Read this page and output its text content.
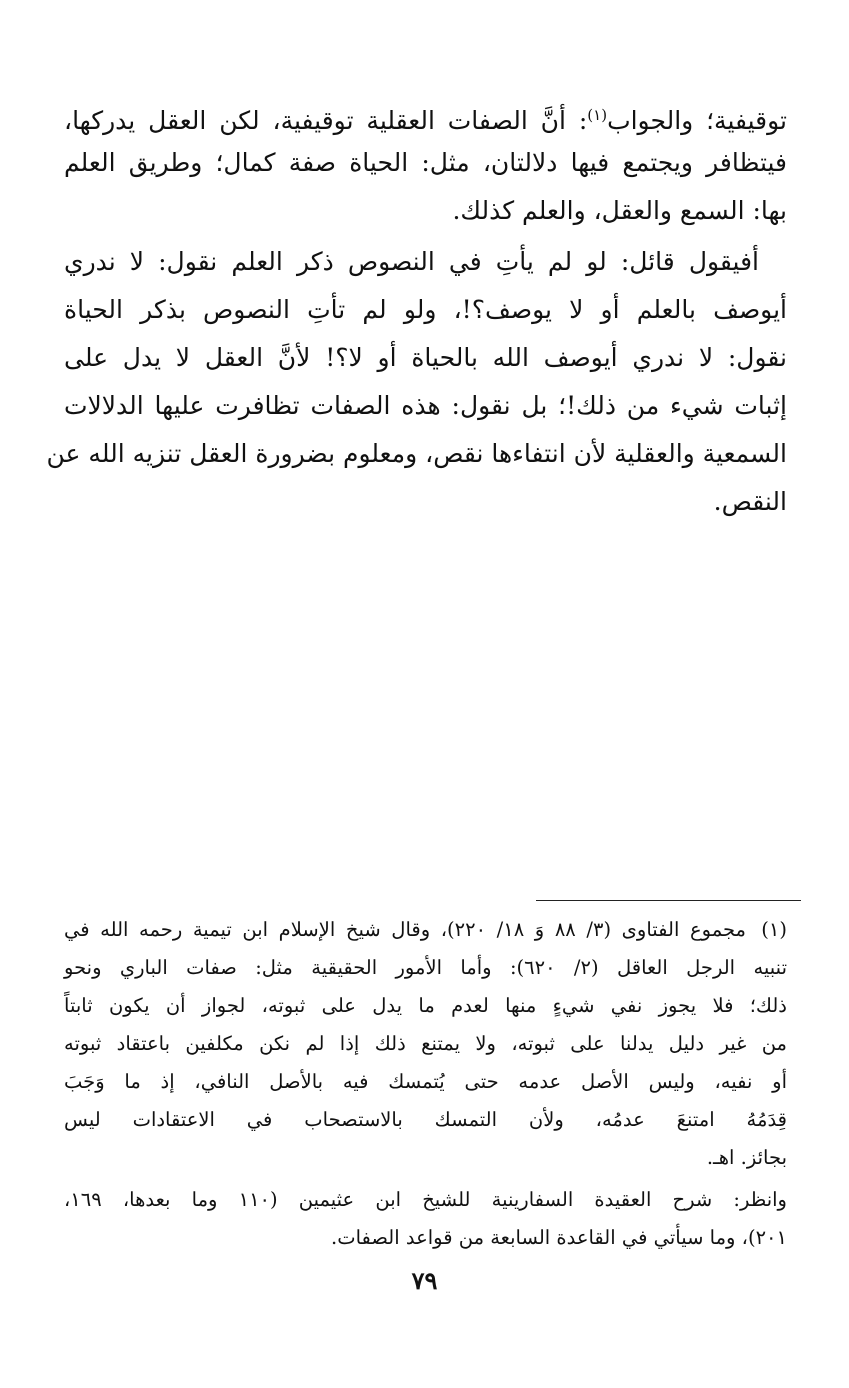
توقيفية؛ والجواب$^{(١)}$: أنَّ الصفات العقلية توقيفية، لكن العقل يدركها،
فيتظافر ويجتمع فيها دلالتان، مثل: الحياة صفة كمال؛ وطريق العلم
بها: السمع والعقل، والعلم كذلك.
أفيقول قائل: لو لم يأتِ في النصوص ذكر العلم نقول: لا ندري
أيوصف بالعلم أو لا يوصف؟!، ولو لم تأتِ النصوص بذكر الحياة
نقول: لا ندري أيوصف الله بالحياة أو لا؟! لأنَّ العقل لا يدل على
إثبات شيء من ذلك!؛ بل نقول: هذه الصفات تظافرت عليها الدلالات
السمعية والعقلية لأن انتفاءها نقص، ومعلوم بضرورة العقل تنزيه الله عن
النقص.
(١)
مجموع الفتاوى (٣/ ٨٨ وَ ١٨/ ٢٢٠)، وقال شيخ الإسلام ابن تيمية رحمه الله في
تنبيه الرجل العاقل (٢/ ٦٢٠): وأما الأمور الحقيقية مثل: صفات الباري ونحو
ذلك؛ فلا يجوز نفي شيءٍ منها لعدم ما يدل على ثبوته، لجواز أن يكون ثابتاً
من غير دليل يدلنا على ثبوته، ولا يمتنع ذلك إذا لم نكن مكلفين باعتقاد ثبوته
أو نفيه، وليس الأصل عدمه حتى يُتمسك فيه بالأصل النافي، إذ ما وَجَبَ
قِدَمُهُ امتنعَ عدمُه، ولأن التمسك بالاستصحاب في الاعتقادات ليس
بجائز. اهـ.
وانظر: شرح العقيدة السفارينية للشيخ ابن عثيمين (١١٠ وما بعدها، ١٦٩،
٢٠١)، وما سيأتي في القاعدة السابعة من قواعد الصفات.
٧٩
